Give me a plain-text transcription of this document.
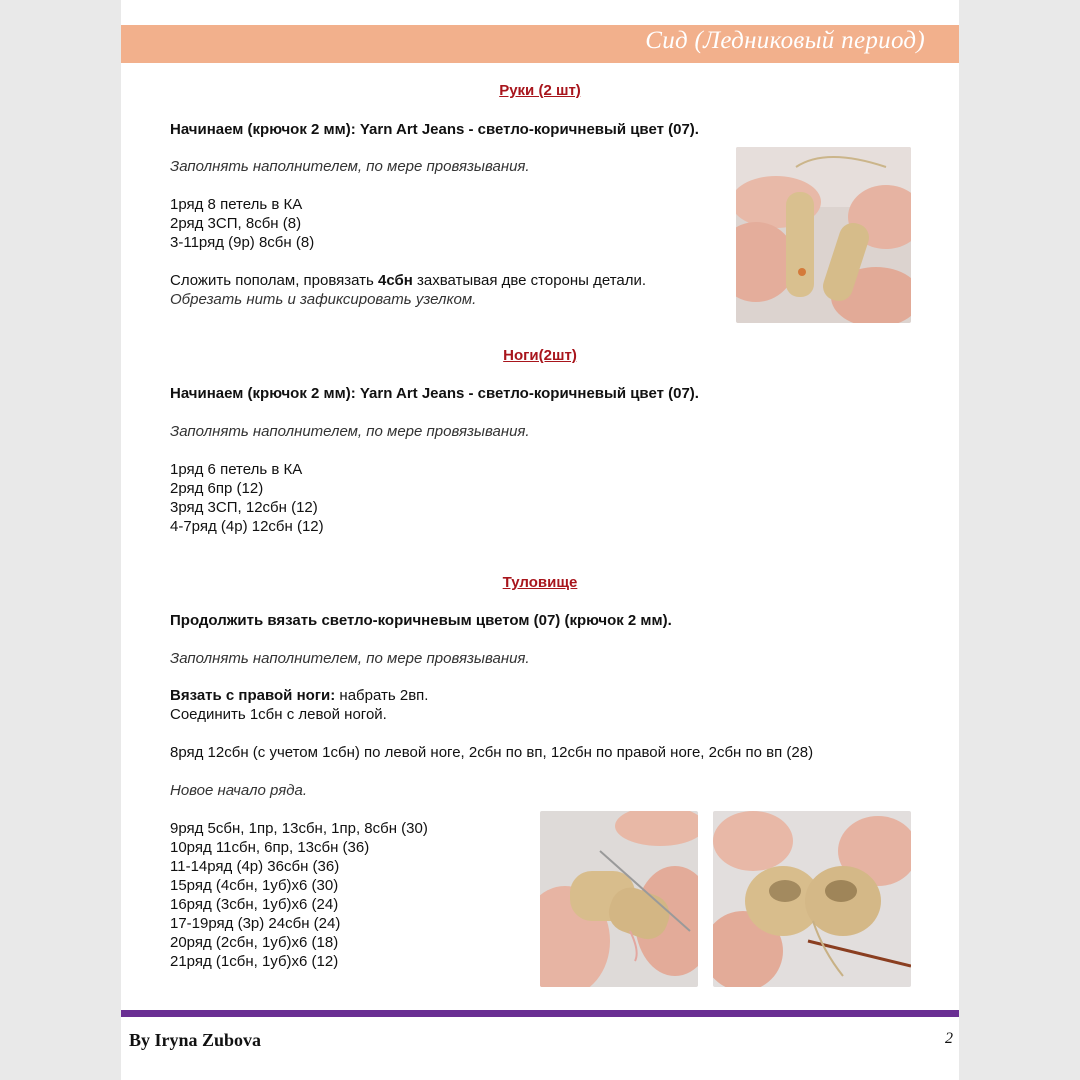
Сид (Ледниковый период)
Руки (2 шт)
Начинаем (крючок 2 мм): Yarn Art Jeans - светло-коричневый цвет (07).
Заполнять наполнителем, по мере провязывания.
1ряд 8 петель в КА
2ряд 3СП, 8сбн (8)
3-11ряд (9р) 8сбн (8)
Сложить пополам, провязать 4сбн захватывая две стороны детали.
Обрезать нить и зафиксировать узелком.
Ноги(2шт)
Начинаем (крючок 2 мм): Yarn Art Jeans - светло-коричневый цвет (07).
Заполнять наполнителем, по мере провязывания.
1ряд 6 петель в КА
2ряд 6пр (12)
3ряд 3СП, 12сбн (12)
4-7ряд (4р) 12сбн (12)
Туловище
Продолжить вязать светло-коричневым цветом (07) (крючок 2 мм).
Заполнять наполнителем, по мере провязывания.
Вязать с правой ноги: набрать 2вп.
Соединить 1сбн с левой ногой.
8ряд 12сбн (с учетом 1сбн) по левой ноге, 2сбн по вп, 12сбн по правой ноге, 2сбн по вп (28)
Новое начало ряда.
9ряд 5сбн, 1пр, 13сбн, 1пр, 8сбн (30)
10ряд 11сбн, 6пр, 13сбн (36)
11-14ряд (4р) 36сбн (36)
15ряд (4сбн, 1уб)х6 (30)
16ряд (3сбн, 1уб)х6 (24)
17-19ряд (3р) 24сбн (24)
20ряд (2сбн, 1уб)х6 (18)
21ряд (1сбн, 1уб)х6 (12)
By Iryna Zubova	2
